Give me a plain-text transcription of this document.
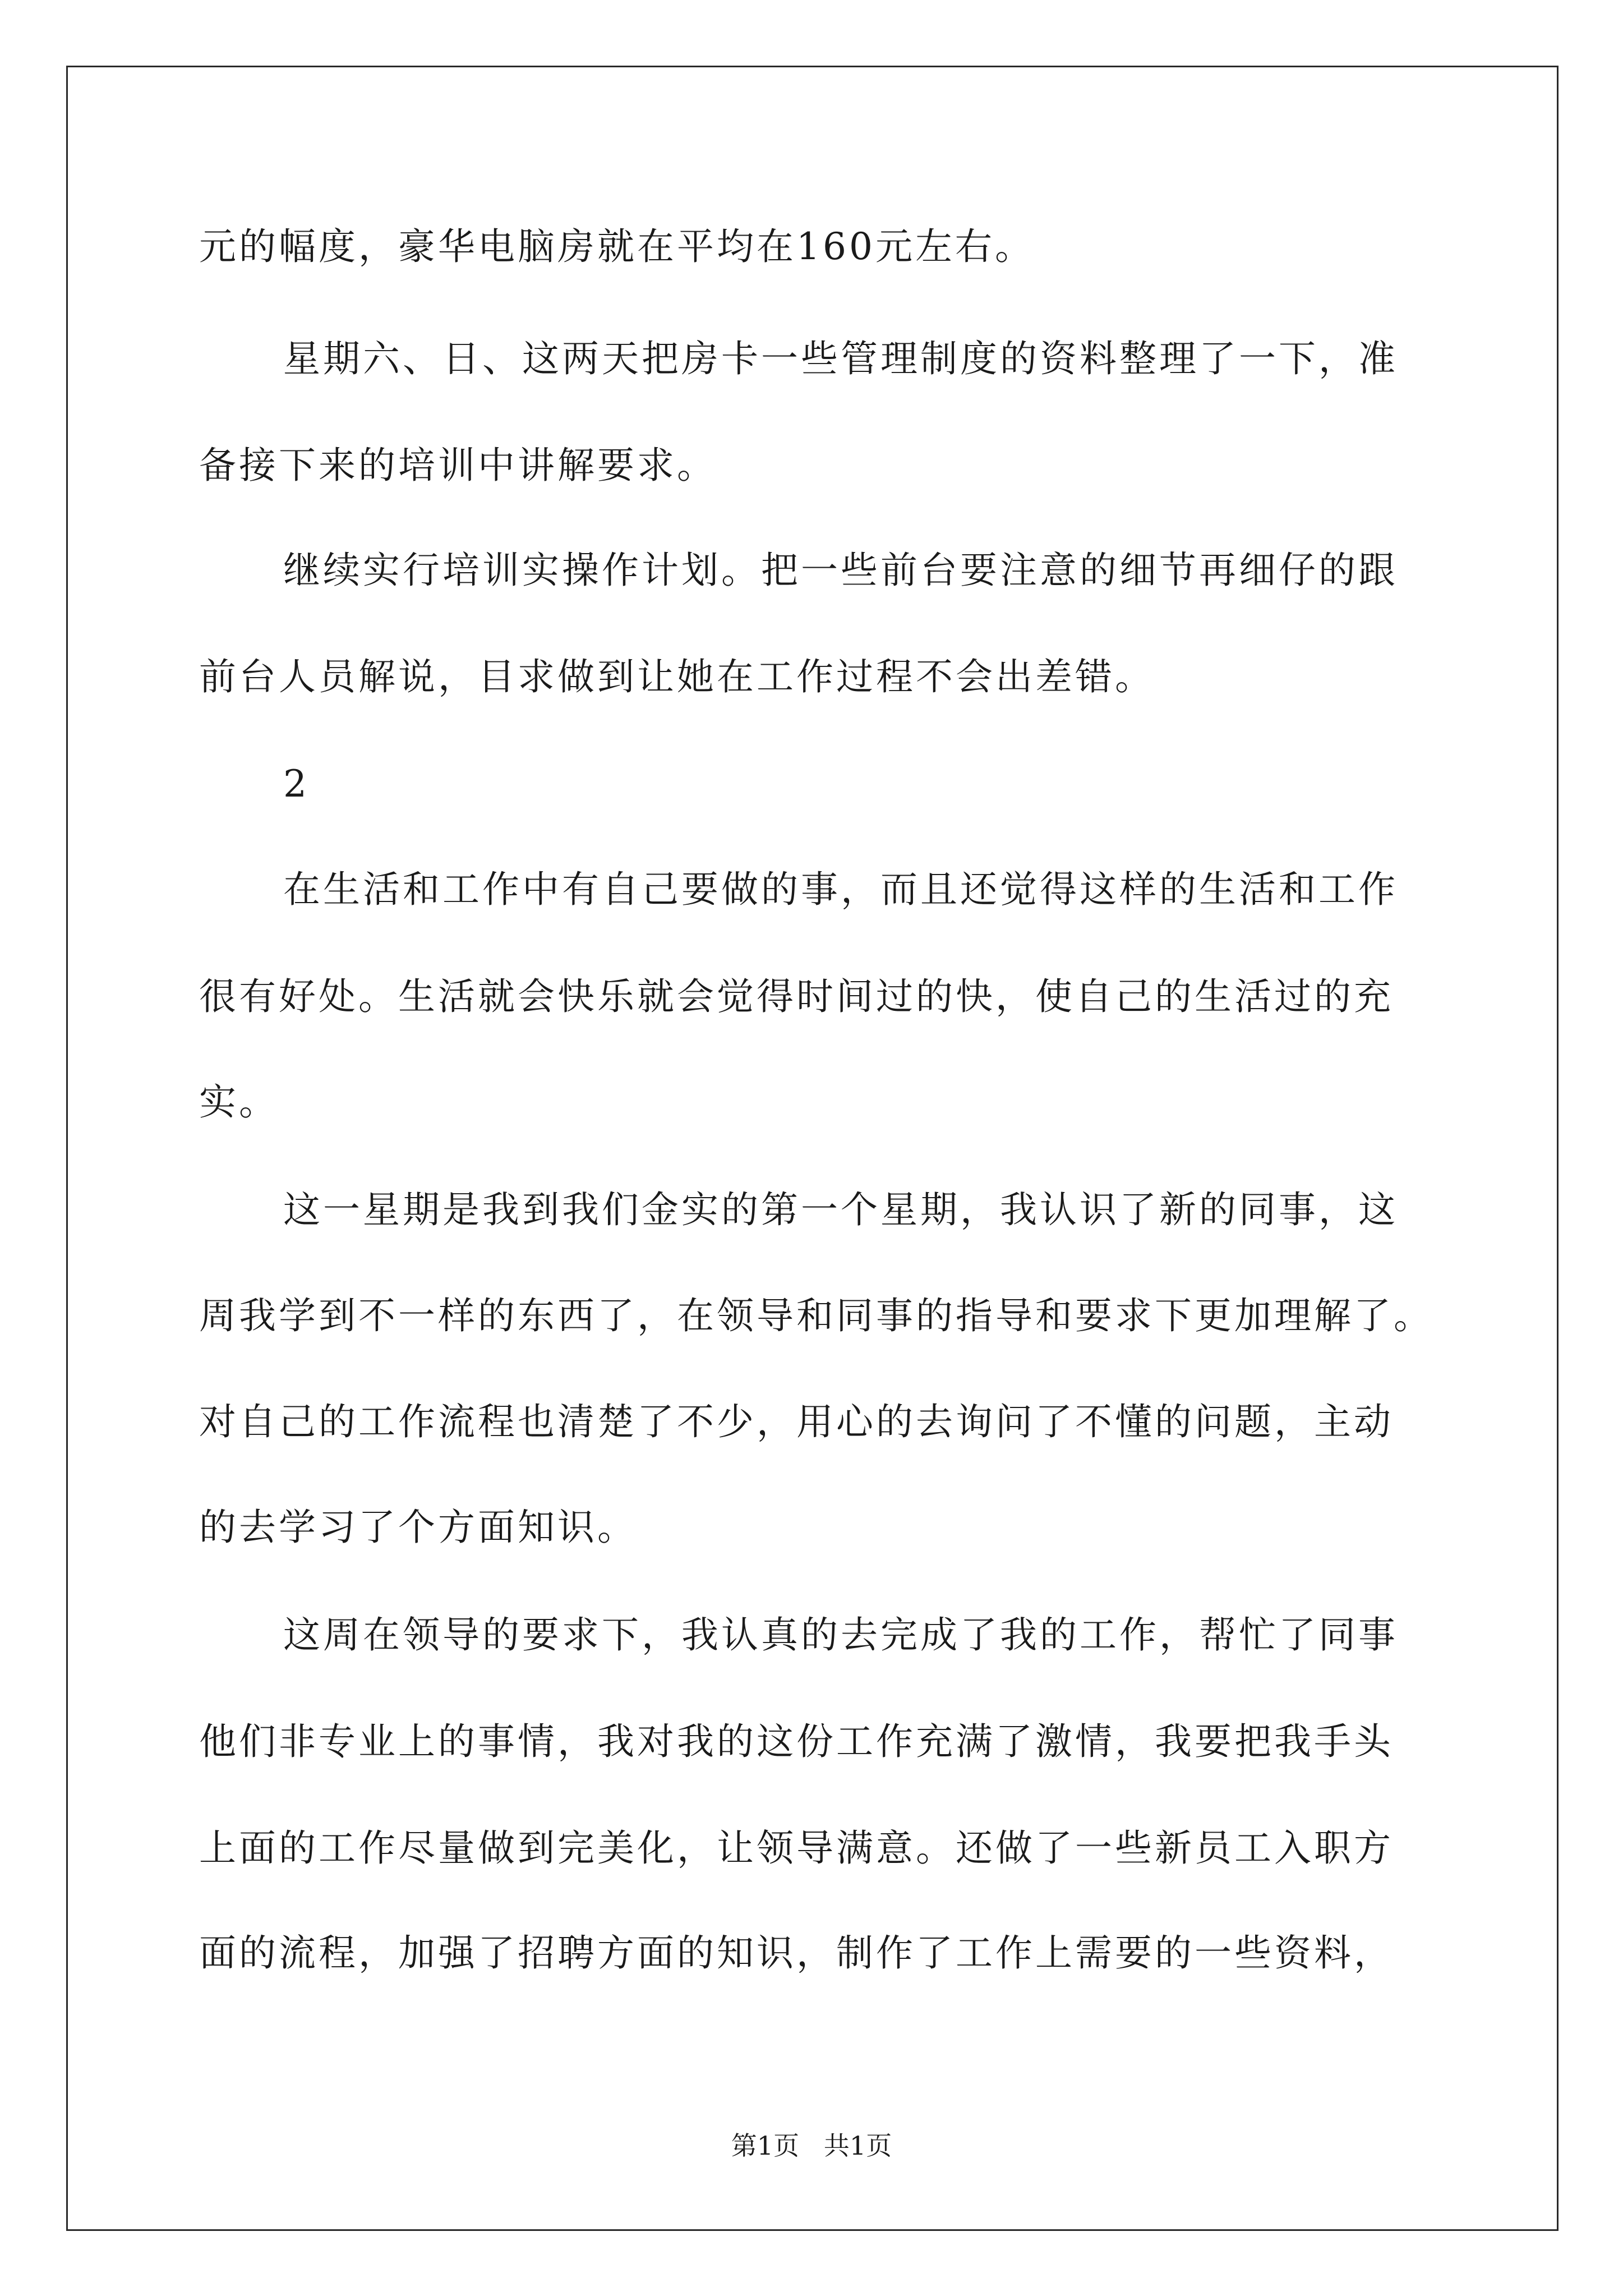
元的幅度，豪华电脑房就在平均在160元左右。
星期六、日、这两天把房卡一些管理制度的资料整理了一下，准
备接下来的培训中讲解要求。
继续实行培训实操作计划。把一些前台要注意的细节再细仔的跟
前台人员解说，目求做到让她在工作过程不会出差错。
2
在生活和工作中有自己要做的事，而且还觉得这样的生活和工作
很有好处。生活就会快乐就会觉得时间过的快，使自己的生活过的充
实。
这一星期是我到我们金实的第一个星期，我认识了新的同事，这
周我学到不一样的东西了，在领导和同事的指导和要求下更加理解了。
对自己的工作流程也清楚了不少，用心的去询问了不懂的问题，主动
的去学习了个方面知识。
这周在领导的要求下，我认真的去完成了我的工作，帮忙了同事
他们非专业上的事情，我对我的这份工作充满了激情，我要把我手头
上面的工作尽量做到完美化，让领导满意。还做了一些新员工入职方
面的流程，加强了招聘方面的知识，制作了工作上需要的一些资料，
第1页   共1页
